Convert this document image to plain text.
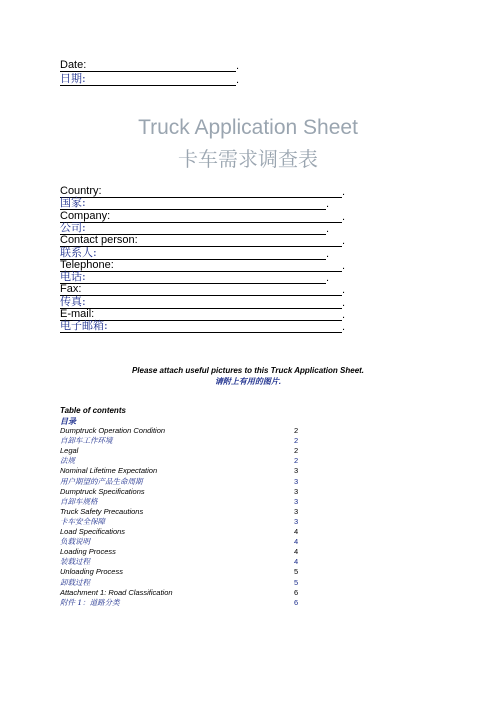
Date:	.
日期:	.
Truck Application Sheet
卡车需求调查表
Country:	.
国家:	.
Company:	.
公司:	.
Contact person:	.
联系人:	.
Telephone:	.
电话:	.
Fax:	.
传真:	.
E-mail:	.
电子邮箱:	.
Please attach useful pictures to this Truck Application Sheet.
请附上有用的图片.
Table of contents
目录
Dumptruck Operation Condition	2
自卸车工作环境	2
Legal	2
法规	2
Nominal Lifetime Expectation	3
用户期望的产品生命周期	3
Dumptruck Specifications	3
自卸车规格	3
Truck Safety Precautions	3
卡车安全保障	3
Load Specifications	4
负载说明	4
Loading Process	4
装载过程	4
Unloading Process	5
卸载过程	5
Attachment 1: Road Classification	6
附件 1：道路分类	6
